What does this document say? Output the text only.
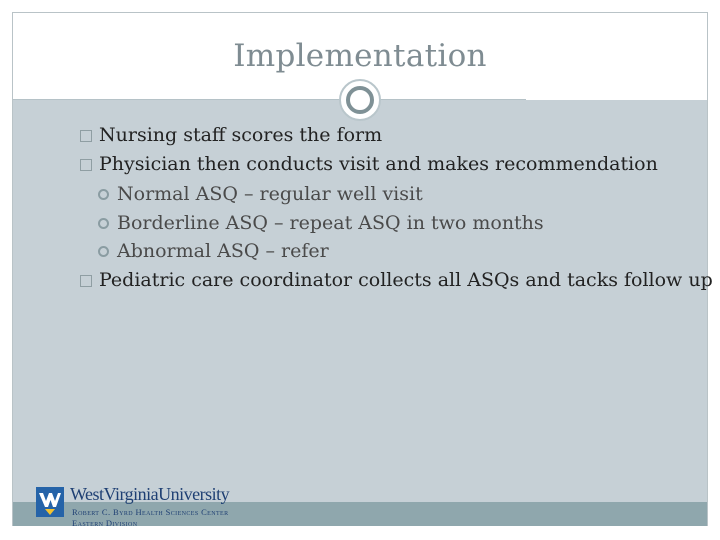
Implementation
Nursing staff scores the form
Physician then conducts visit and makes recommendation
Normal ASQ – regular well visit
Borderline ASQ – repeat ASQ in two months
Abnormal ASQ – refer
Pediatric care coordinator collects all ASQs and tacks follow up
WestVirginiaUniversity
Robert C. Byrd Health Sciences Center
Eastern Division
